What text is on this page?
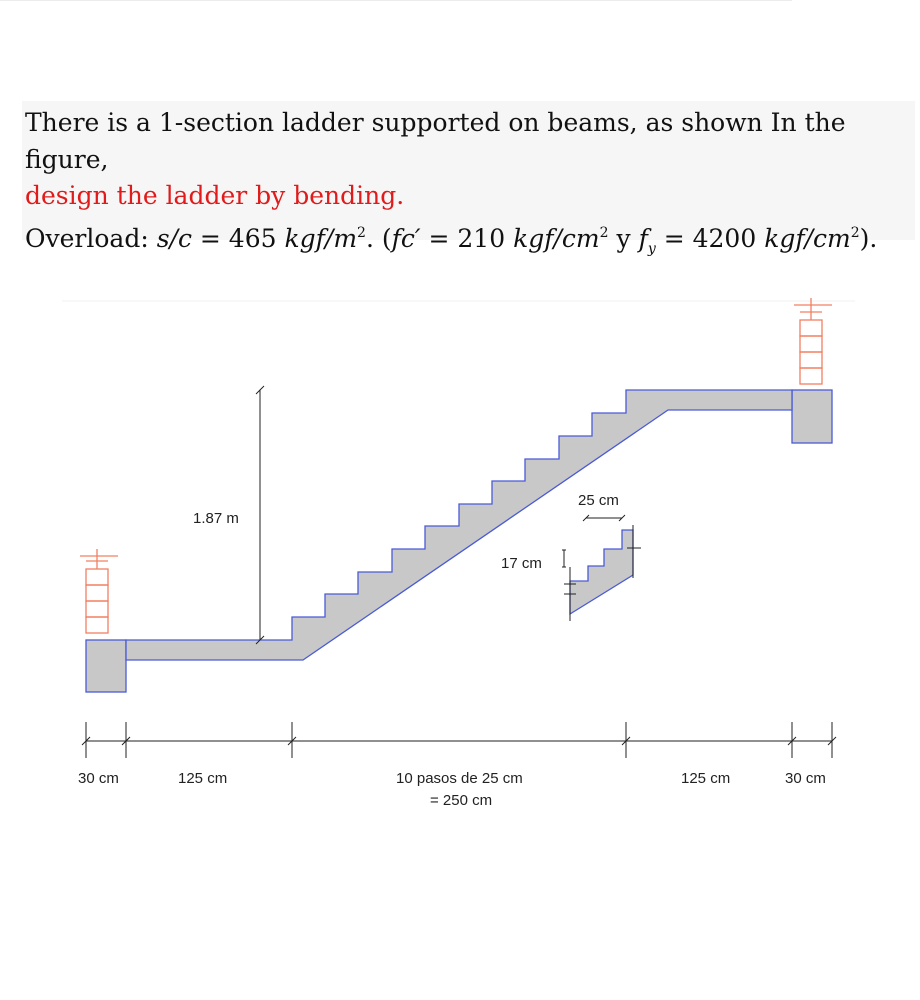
There is a 1-section ladder supported on beams, as shown In the figure,
design the ladder by bending.
Overload: s/c = 465 kgf/$m^2$. (fc′ = 210 kgf/$cm^2$ y $f_y = 4200$ kgf/$cm^2$).
1.87 m
25 cm
17 cm
30 cm	125 cm	10 pasos de 25 cm
= 250 cm
125 cm	30 cm
